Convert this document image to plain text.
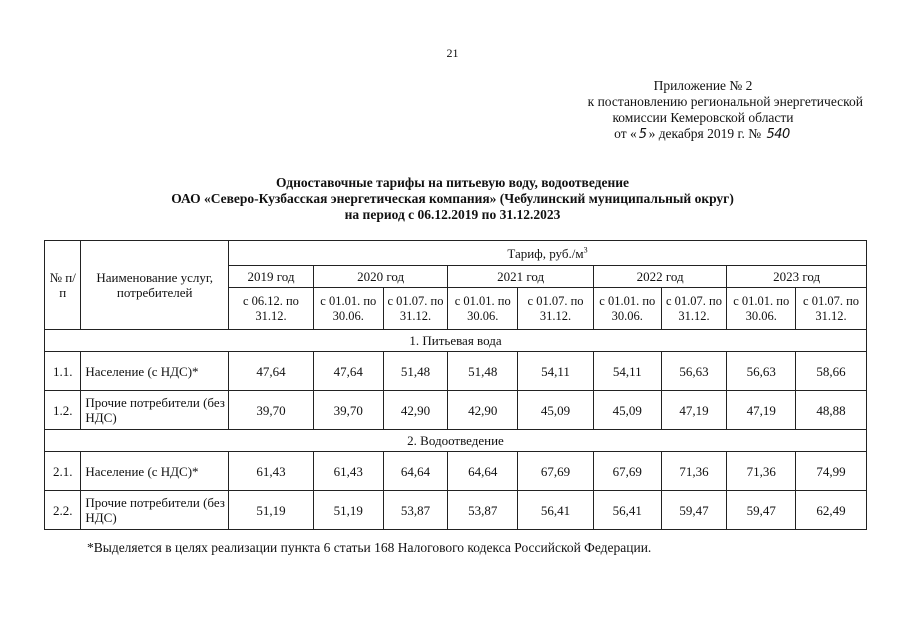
21
Приложение № 2
к постановлению региональной энергетической
комиссии Кемеровской области
от « 5 » декабря 2019 г. № 540
Одноставочные тарифы на питьевую воду, водоотведение
ОАО «Северо-Кузбасская энергетическая компания» (Чебулинский муниципальный округ)
на период с 06.12.2019 по 31.12.2023
№ п/п	Наименование услуг, потребителей	Тариф, $руб./м^3$
		2019 год	2020 год		2021 год		2022 год		2023 год	
		с 06.12. по 31.12.	с 01.01. по 30.06.	с 01.07. по 31.12.	с 01.01. по 30.06.	с 01.07. по 31.12.	с 01.01. по 30.06.	с 01.07. по 31.12.	с 01.01. по 30.06.	с 01.07. по 31.12.
1. Питьевая вода										
1.1.	Население (с НДС)*	47,64	47,64	51,48	51,48	54,11	54,11	56,63	56,63	58,66
1.2.	Прочие потребители (без НДС)	39,70	39,70	42,90	42,90	45,09	45,09	47,19	47,19	48,88
2. Водоотведение										
2.1.	Население (с НДС)*	61,43	61,43	64,64	64,64	67,69	67,69	71,36	71,36	74,99
2.2.	Прочие потребители (без НДС)	51,19	51,19	53,87	53,87	56,41	56,41	59,47	59,47	62,49
*Выделяется в целях реализации пункта 6 статьи 168 Налогового кодекса Российской Федерации.
